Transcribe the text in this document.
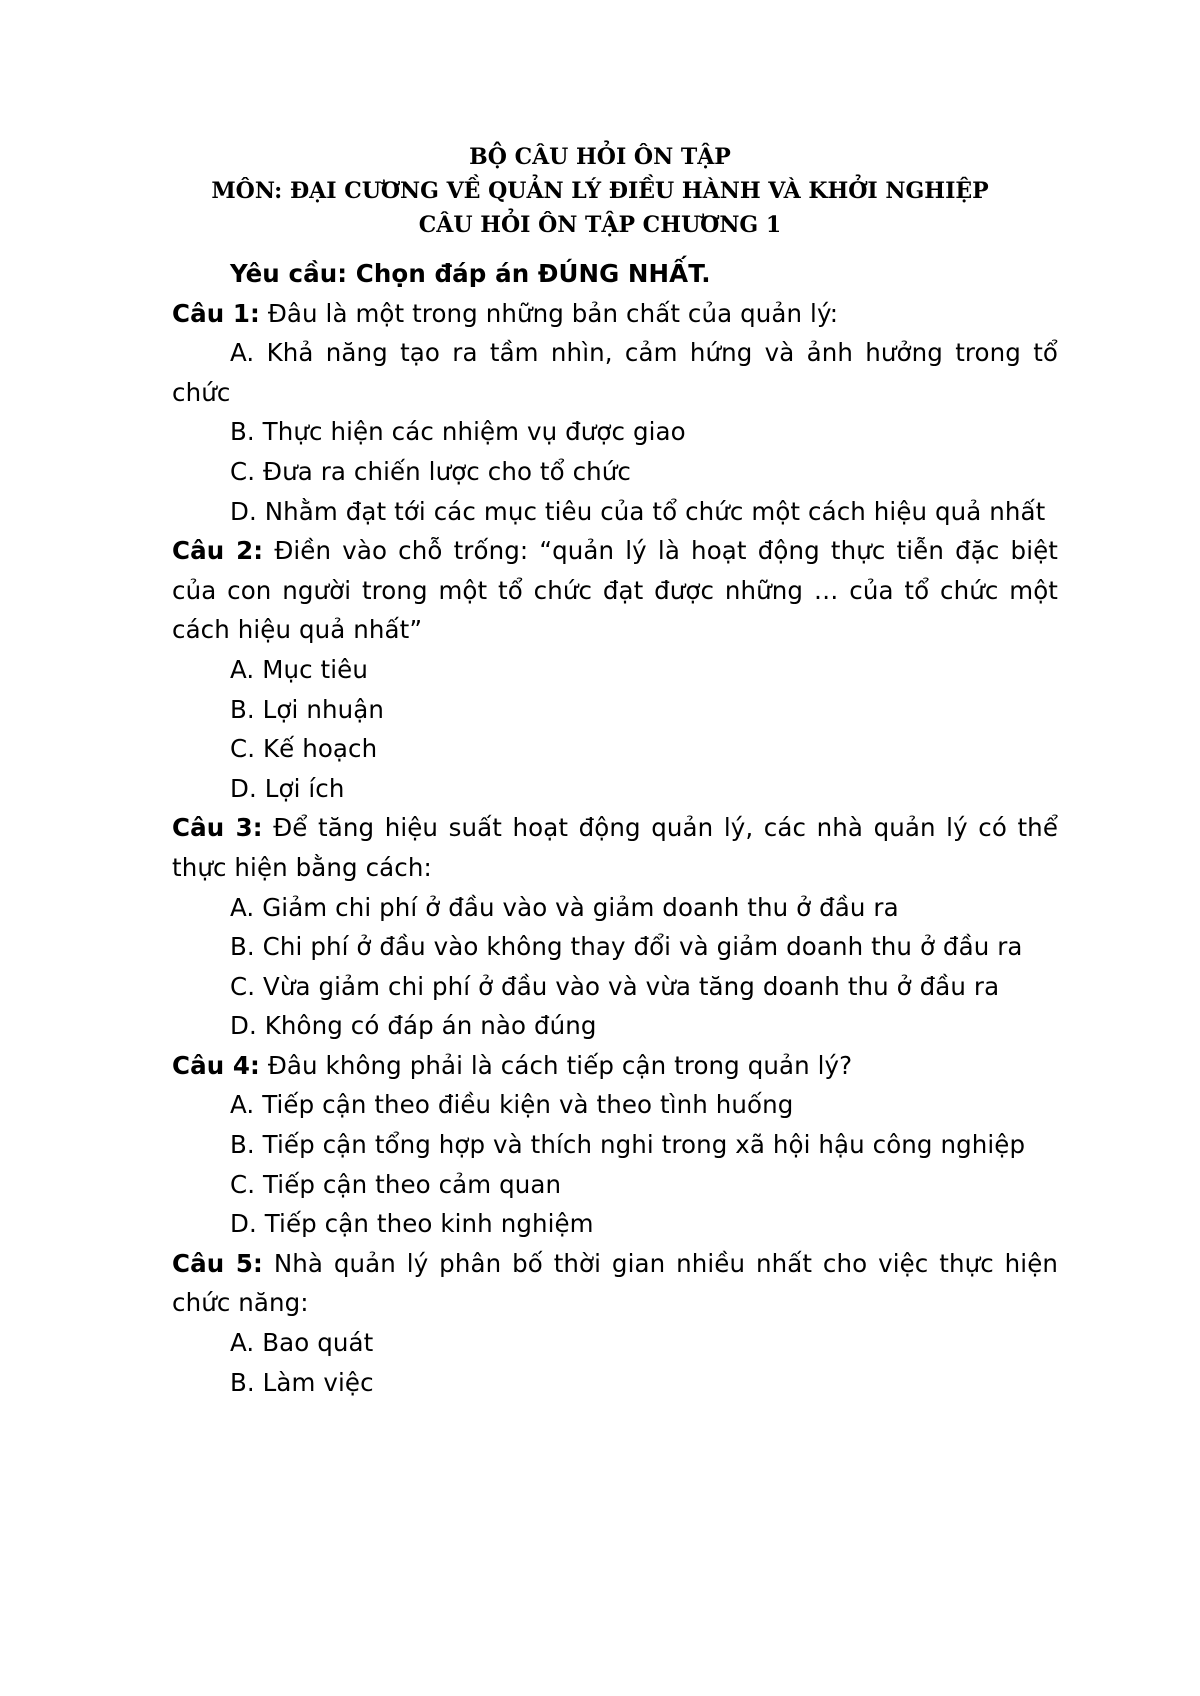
BỘ CÂU HỎI ÔN TẬP
MÔN: ĐẠI CƯƠNG VỀ QUẢN LÝ ĐIỀU HÀNH VÀ KHỞI NGHIỆP
CÂU HỎI ÔN TẬP CHƯƠNG 1
Yêu cầu: Chọn đáp án ĐÚNG NHẤT.
Câu 1: Đâu là một trong những bản chất của quản lý:
A. Khả năng tạo ra tầm nhìn, cảm hứng và ảnh hưởng trong tổ chức
B. Thực hiện các nhiệm vụ được giao
C. Đưa ra chiến lược cho tổ chức
D. Nhằm đạt tới các mục tiêu của tổ chức một cách hiệu quả nhất
Câu 2: Điền vào chỗ trống: “quản lý là hoạt động thực tiễn đặc biệt của con người trong một tổ chức đạt được những … của tổ chức một cách hiệu quả nhất”
A. Mục tiêu
B. Lợi nhuận
C. Kế hoạch
D. Lợi ích
Câu 3: Để tăng hiệu suất hoạt động quản lý, các nhà quản lý có thể thực hiện bằng cách:
A. Giảm chi phí ở đầu vào và giảm doanh thu ở đầu ra
B. Chi phí ở đầu vào không thay đổi và giảm doanh thu ở đầu ra
C. Vừa giảm chi phí ở đầu vào và vừa tăng doanh thu ở đầu ra
D. Không có đáp án nào đúng
Câu 4: Đâu không phải là cách tiếp cận trong quản lý?
A. Tiếp cận theo điều kiện và theo tình huống
B. Tiếp cận tổng hợp và thích nghi trong xã hội hậu công nghiệp
C. Tiếp cận theo cảm quan
D. Tiếp cận theo kinh nghiệm
Câu 5: Nhà quản lý phân bố thời gian nhiều nhất cho việc thực hiện chức năng:
A. Bao quát
B. Làm việc
